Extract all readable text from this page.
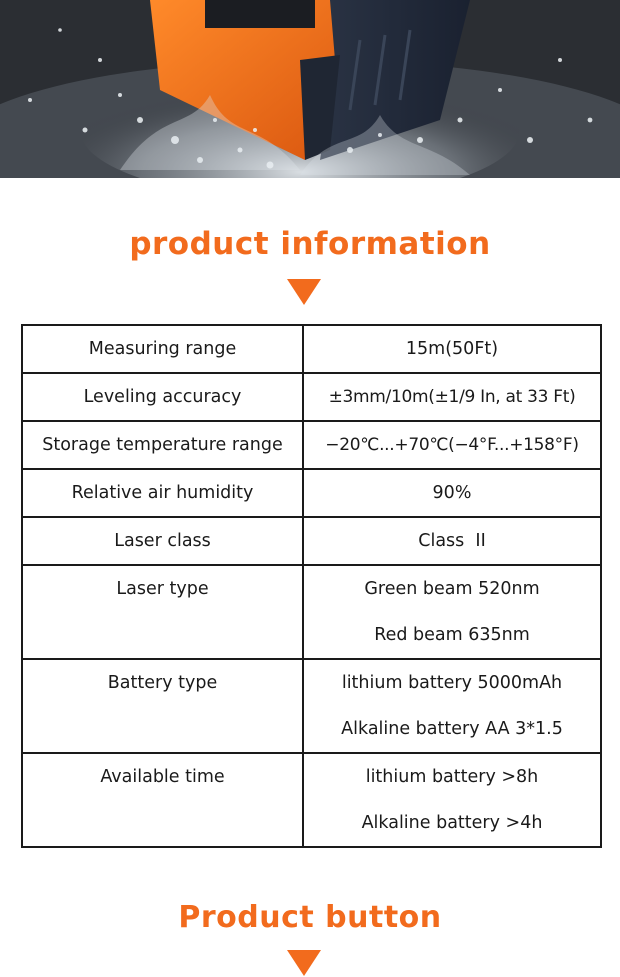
product information
Measuring range	15m(50Ft)

Leveling accuracy	±3mm/10m(±1/9 In, at 33 Ft)

Storage temperature range	−20℃...+70℃(−4°F...+158°F)

Relative air humidity	90%

Laser class	Class  II

Laser type	Green beam 520nm
Red beam 635nm

Battery type	lithium battery 5000mAh
Alkaline battery AA 3*1.5

Available time	lithium battery >8h
Alkaline battery >4h
Product button
